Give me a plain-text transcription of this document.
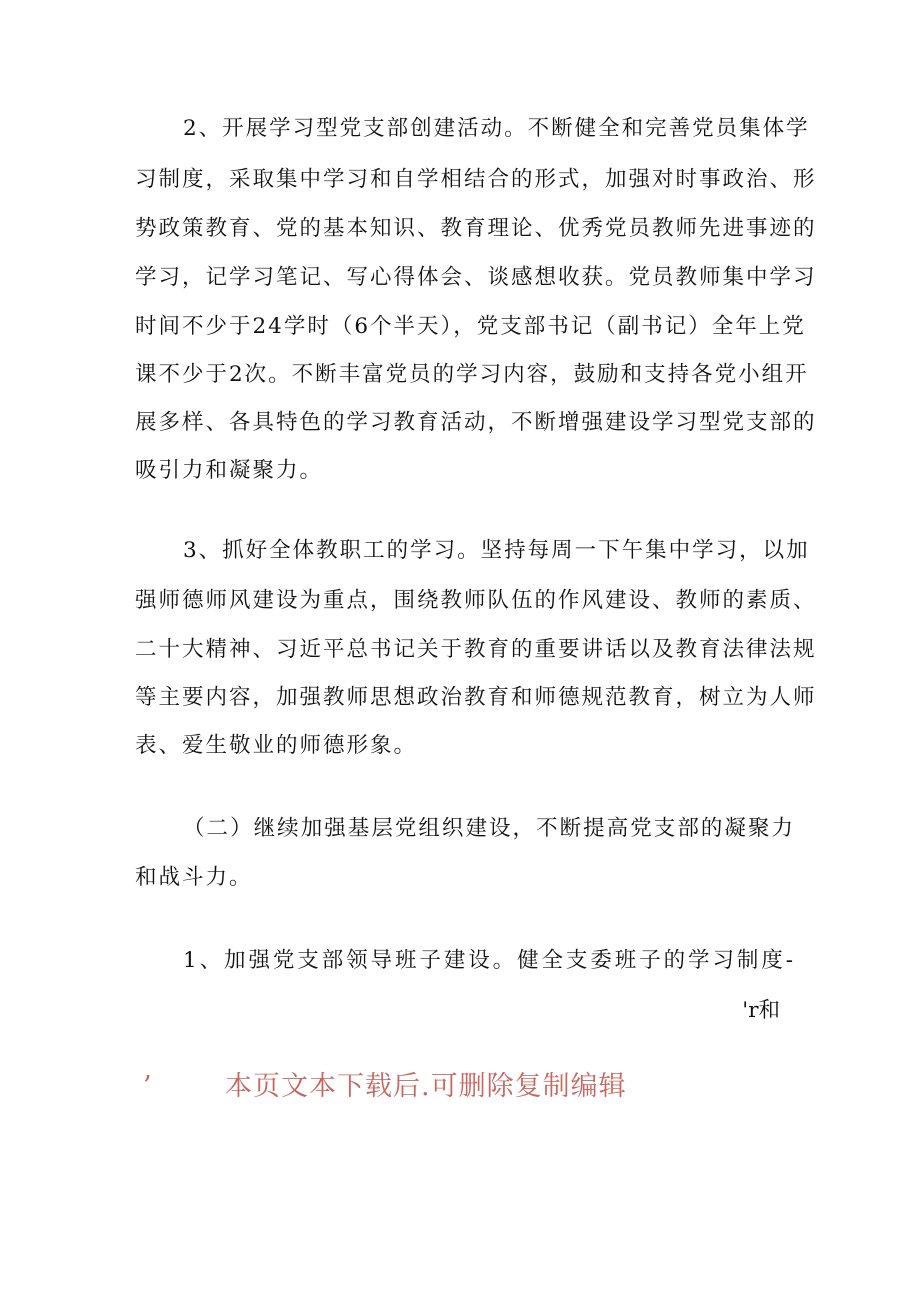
2、开展学习型党支部创建活动。不断健全和完善党员集体学
习制度，采取集中学习和自学相结合的形式，加强对时事政治、形
势政策教育、党的基本知识、教育理论、优秀党员教师先进事迹的
学习，记学习笔记、写心得体会、谈感想收获。党员教师集中学习
时间不少于24学时（6个半天），党支部书记（副书记）全年上党
课不少于2次。不断丰富党员的学习内容，鼓励和支持各党小组开
展多样、各具特色的学习教育活动，不断增强建设学习型党支部的
吸引力和凝聚力。
3、抓好全体教职工的学习。坚持每周一下午集中学习，以加
强师德师风建设为重点，围绕教师队伍的作风建设、教师的素质、
二十大精神、习近平总书记关于教育的重要讲话以及教育法律法规
等主要内容，加强教师思想政治教育和师德规范教育，树立为人师
表、爱生敬业的师德形象。
（二）继续加强基层党组织建设，不断提高党支部的凝聚力
和战斗力。
1、加强党支部领导班子建设。健全支委班子的学习制度-
'r和
’	本页文本下载后.可删除复制编辑
